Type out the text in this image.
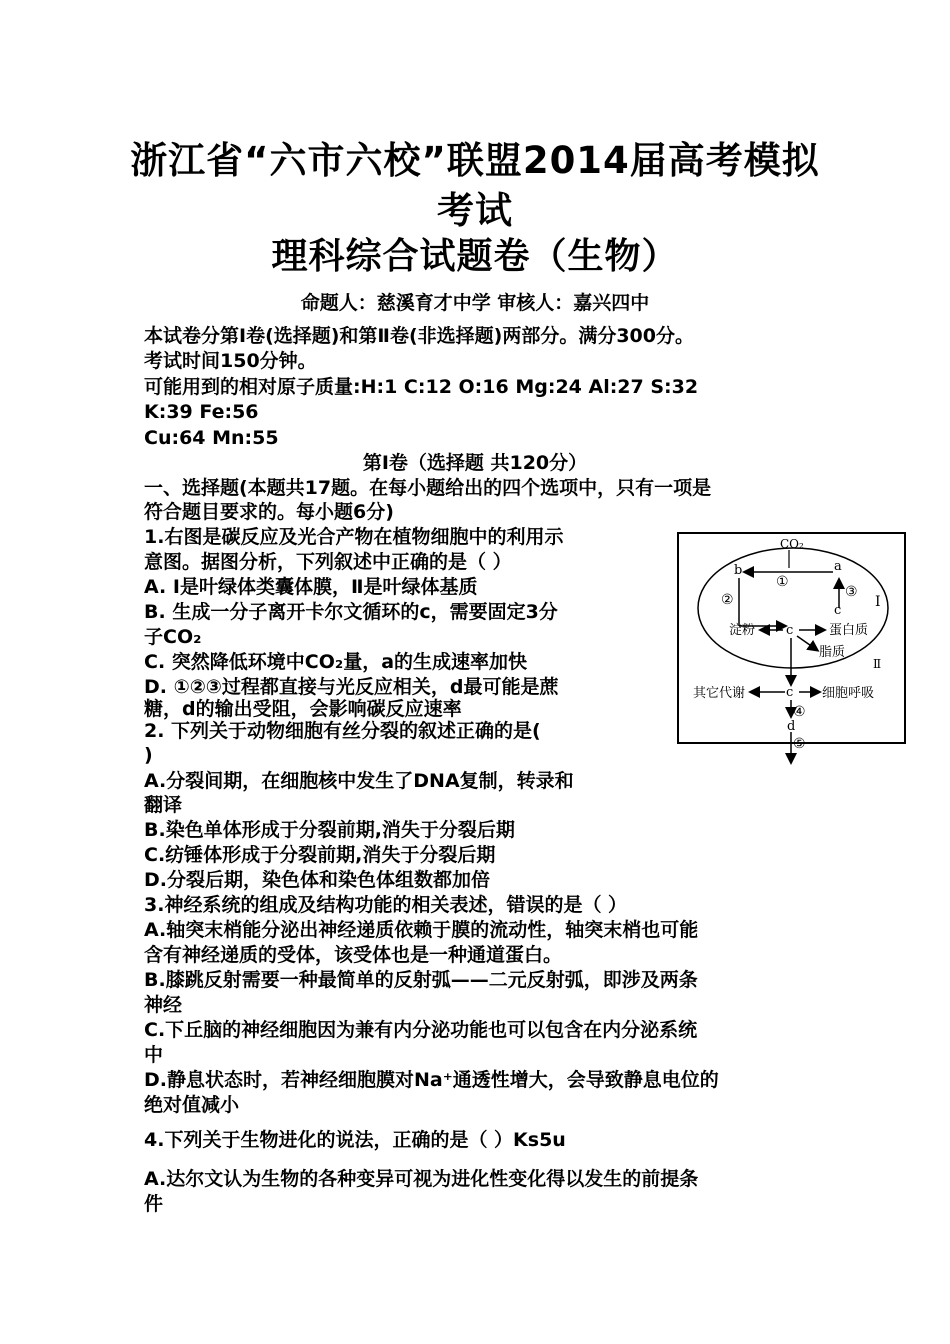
浙江省“六市六校”联盟2014届高考模拟
考试
理科综合试题卷（生物）
命题人：慈溪育才中学 审核人：嘉兴四中
本试卷分第Ⅰ卷(选择题)和第Ⅱ卷(非选择题)两部分。满分300分。
考试时间150分钟。
可能用到的相对原子质量:H:1 C:12 O:16 Mg:24 Al:27 S:32
K:39 Fe:56
Cu:64 Mn:55
第Ⅰ卷（选择题 共120分）
一、选择题(本题共17题。在每小题给出的四个选项中，只有一项是
符合题目要求的。每小题6分)
1.右图是碳反应及光合产物在植物细胞中的利用示
意图。据图分析，下列叙述中正确的是（ ）
A. Ⅰ是叶绿体类囊体膜，Ⅱ是叶绿体基质
B. 生成一分子离开卡尔文循环的c，需要固定3分
子CO₂
C. 突然降低环境中CO₂量，a的生成速率加快
D. ①②③过程都直接与光反应相关，d最可能是蔗
糖，d的输出受阻，会影响碳反应速率
2. 下列关于动物细胞有丝分裂的叙述正确的是(
)
A.分裂间期，在细胞核中发生了DNA复制，转录和
翻译
B.染色单体形成于分裂前期,消失于分裂后期
C.纺锤体形成于分裂前期,消失于分裂后期
D.分裂后期，染色体和染色体组数都加倍
3.神经系统的组成及结构功能的相关表述，错误的是（ ）
A.轴突末梢能分泌出神经递质依赖于膜的流动性，轴突末梢也可能
含有神经递质的受体，该受体也是一种通道蛋白。
B.膝跳反射需要一种最简单的反射弧——二元反射弧，即涉及两条
神经
C.下丘脑的神经细胞因为兼有内分泌功能也可以包含在内分泌系统
中
D.静息状态时，若神经细胞膜对Na⁺通透性增大，会导致静息电位的
绝对值减小
4.下列关于生物进化的说法，正确的是（ ）Ks5u
A.达尔文认为生物的各种变异可视为进化性变化得以发生的前提条
件
CO₂
a
b
c
c
c
d
①
②	③
④
⑤
Ⅰ
Ⅱ
淀粉	蛋白质
脂质
其它代谢	细胞呼吸
